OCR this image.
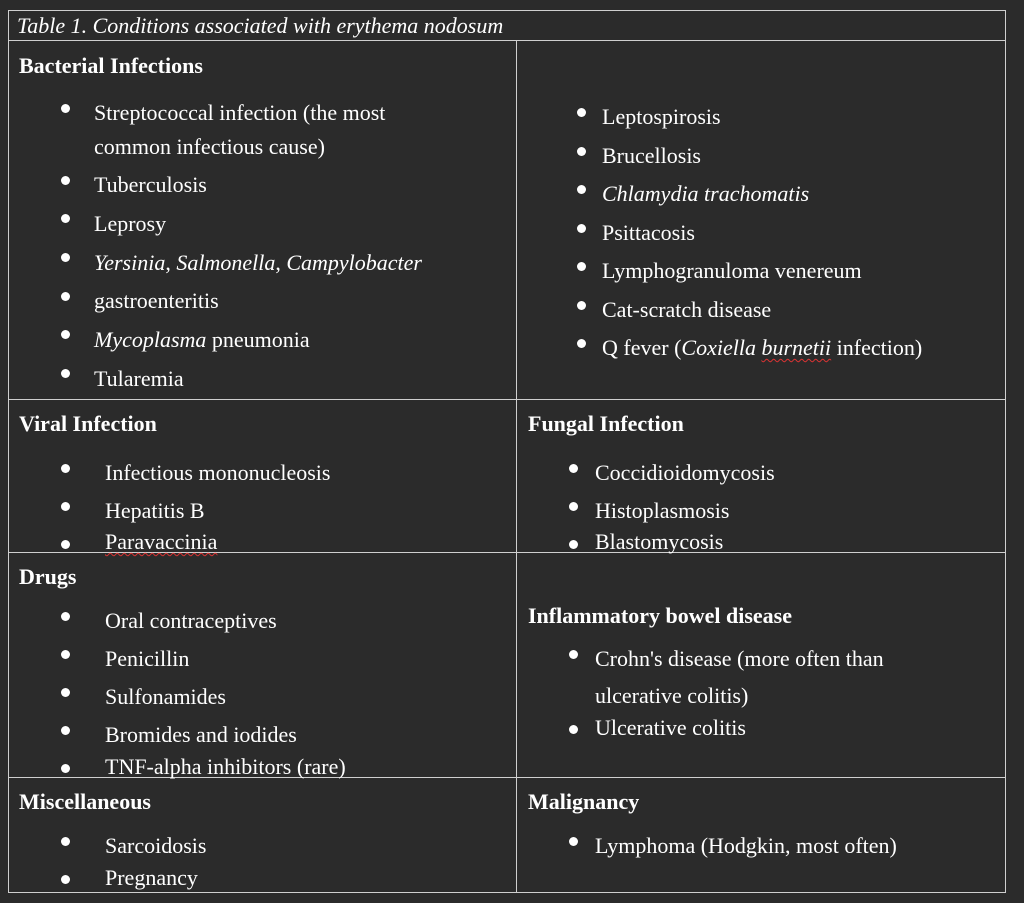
Table 1. Conditions associated with erythema nodosum
Bacterial Infections
Streptococcal infection (the most
common infectious cause)
Tuberculosis
Leprosy
Yersinia, Salmonella, Campylobacter
gastroenteritis
Mycoplasma pneumonia
Tularemia
Leptospirosis
Brucellosis
Chlamydia trachomatis
Psittacosis
Lymphogranuloma venereum
Cat-scratch disease
Q fever (Coxiella burnetii infection)
Viral Infection
Infectious mononucleosis
Hepatitis B
Paravaccinia
Fungal Infection
Coccidioidomycosis
Histoplasmosis
Blastomycosis
Drugs
Oral contraceptives
Penicillin
Sulfonamides
Bromides and iodides
TNF-alpha inhibitors (rare)
Inflammatory bowel disease
Crohn's disease (more often than
ulcerative colitis)
Ulcerative colitis
Miscellaneous
Sarcoidosis
Pregnancy
Malignancy
Lymphoma (Hodgkin, most often)
